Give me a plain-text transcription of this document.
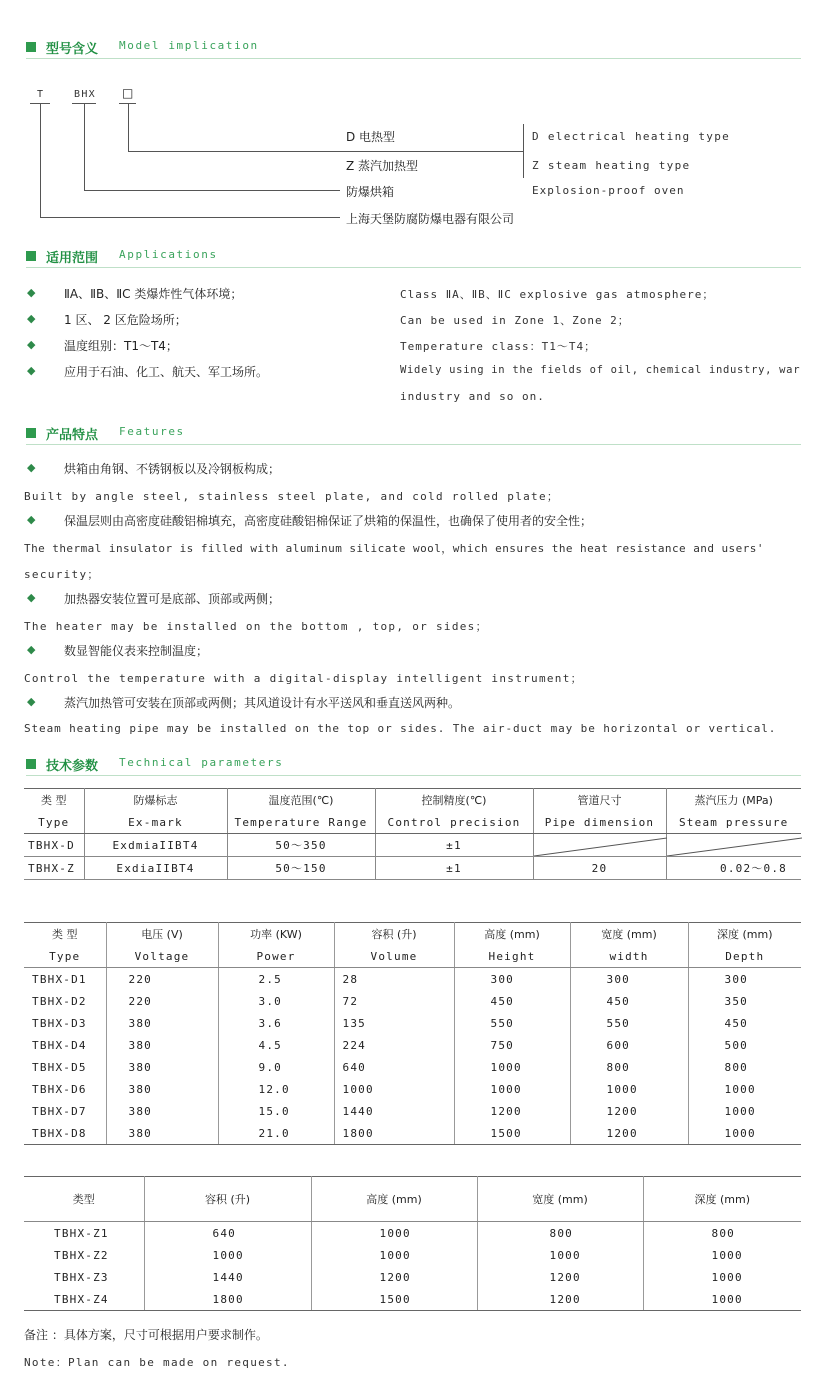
型号含义 Model implication
T	BHX □
D 电热型
Z 蒸汽加热型
防爆烘箱
上海天堡防腐防爆电器有限公司
D electrical heating type
Z steam heating type
Explosion-proof oven
适用范围 Applications
◆
◆
◆
◆
ⅡA、ⅡB、ⅡC 类爆炸性气体环境；
1 区、 2 区危险场所；
温度组别：T1～T4；
应用于石油、化工、航天、军工场所。
Class ⅡA、ⅡB、ⅡC explosive gas atmosphere；
Can be used in Zone 1、Zone 2；
Temperature class：T1～T4；
Widely using in the fields of oil, chemical industry, war
industry and so on.
产品特点 Features
◆ 烘箱由角钢、不锈钢板以及冷钢板构成；
Built by angle steel, stainless steel plate, and cold rolled plate；
◆ 保温层则由高密度硅酸铝棉填充，高密度硅酸铝棉保证了烘箱的保温性，也确保了使用者的安全性；
The thermal insulator is filled with aluminum silicate wool，which ensures the heat resistance and users'
security；
◆ 加热器安装位置可是底部、顶部或两侧；
The heater may be installed on the bottom , top, or sides；
◆ 数显智能仪表来控制温度；
Control the temperature with a digital-display intelligent instrument；
◆ 蒸汽加热管可安装在顶部或两侧；其风道设计有水平送风和垂直送风两种。
Steam heating pipe may be installed on the top or sides. The air-duct may be horizontal or vertical.
技术参数 Technical parameters
类 型	防爆标志	温度范围(℃)	控制精度(℃)	管道尺寸	蒸汽压力 (MPa)
Type	Ex-mark	Temperature Range	Control precision	Pipe dimension	Steam pressure
TBHX-D	ExdmiaIIBT4	50～350	±1	

TBHX-Z	ExdiaIIBT4	50～150	±1	20	0.02～0.8
类 型	电压 (V)	功率 (KW)	容积 (升)	高度 (mm)	宽度 (mm)	深度 (mm)
Type	Voltage	Power	Volume	Height	width	Depth
TBHX-D1	220	2.5	28	300	300	300
TBHX-D2	220	3.0	72	450	450	350
TBHX-D3	380	3.6	135	550	550	450
TBHX-D4	380	4.5	224	750	600	500
TBHX-D5	380	9.0	640	1000	800	800
TBHX-D6	380	12.0	1000	1000	1000	1000
TBHX-D7	380	15.0	1440	1200	1200	1000
TBHX-D8	380	21.0	1800	1500	1200	1000
类型	容积 (升)	高度 (mm)	宽度 (mm)	深度 (mm)
TBHX-Z1	640	1000	800	800
TBHX-Z2	1000	1000	1000	1000
TBHX-Z3	1440	1200	1200	1000
TBHX-Z4	1800	1500	1200	1000
备注 ：具体方案，尺寸可根据用户要求制作。
Note：Plan can be made on request.
